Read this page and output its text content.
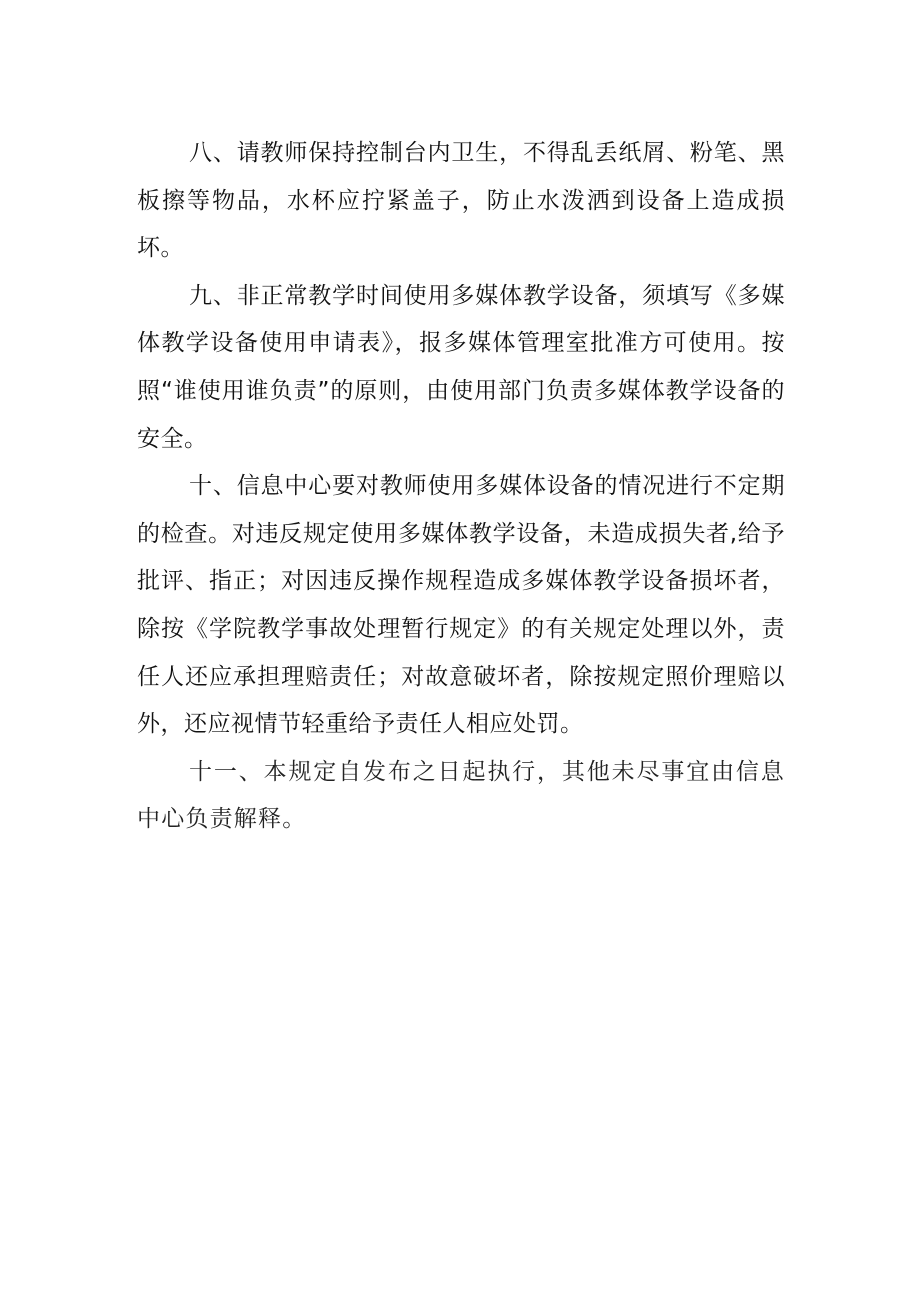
八、请教师保持控制台内卫生，不得乱丢纸屑、粉笔、黑板擦等物品，水杯应拧紧盖子，防止水泼洒到设备上造成损坏。

九、非正常教学时间使用多媒体教学设备，须填写《多媒体教学设备使用申请表》，报多媒体管理室批准方可使用。按照“谁使用谁负责”的原则，由使用部门负责多媒体教学设备的安全。

十、信息中心要对教师使用多媒体设备的情况进行不定期的检查。对违反规定使用多媒体教学设备，未造成损失者,给予批评、指正；对因违反操作规程造成多媒体教学设备损坏者，除按《学院教学事故处理暂行规定》的有关规定处理以外，责任人还应承担理赔责任；对故意破坏者，除按规定照价理赔以外，还应视情节轻重给予责任人相应处罚。

十一、本规定自发布之日起执行，其他未尽事宜由信息中心负责解释。
